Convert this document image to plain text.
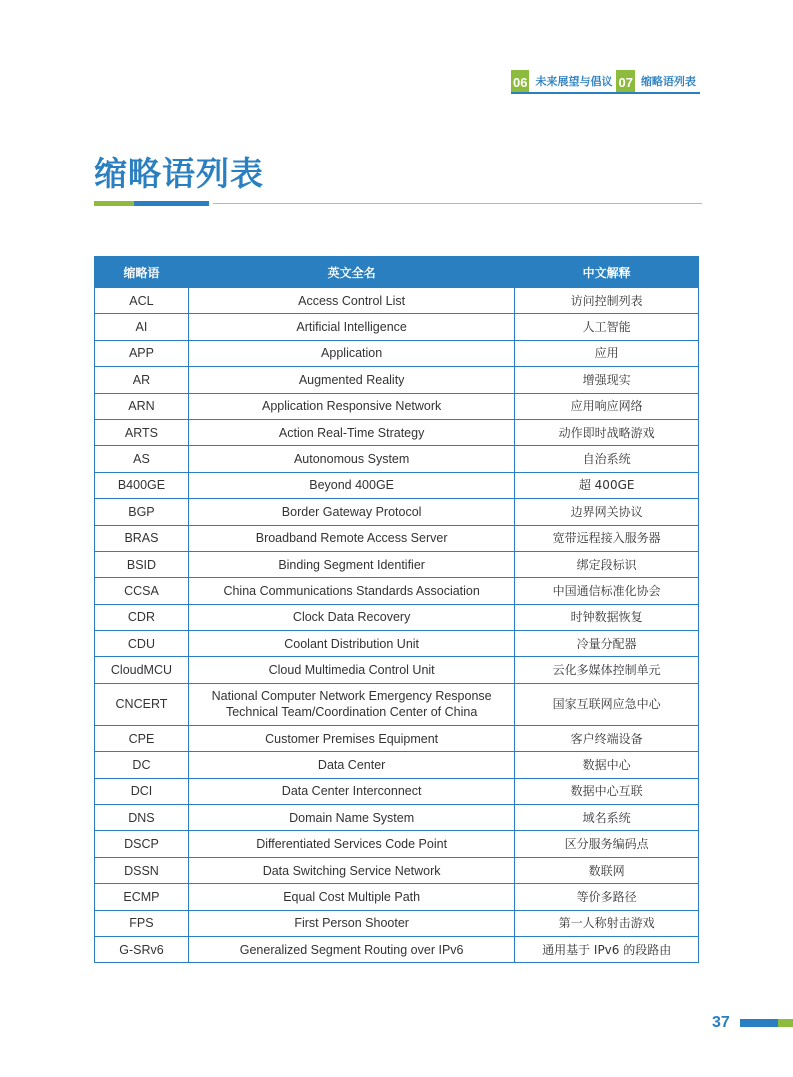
06 未来展望与倡议 07 缩略语列表
缩略语列表
缩略语	英文全名	中文解释
ACL	Access Control List	访问控制列表
AI	Artificial Intelligence	人工智能
APP	Application	应用
AR	Augmented Reality	增强现实
ARN	Application Responsive Network	应用响应网络
ARTS	Action Real-Time Strategy	动作即时战略游戏
AS	Autonomous System	自治系统
B400GE	Beyond 400GE	超 400GE
BGP	Border Gateway Protocol	边界网关协议
BRAS	Broadband Remote Access Server	宽带远程接入服务器
BSID	Binding Segment Identifier	绑定段标识
CCSA	China Communications Standards Association	中国通信标准化协会
CDR	Clock Data Recovery	时钟数据恢复
CDU	Coolant Distribution Unit	冷量分配器
CloudMCU	Cloud Multimedia Control Unit	云化多媒体控制单元
CNCERT	National Computer Network Emergency Response
Technical Team/Coordination Center of China	国家互联网应急中心
CPE	Customer Premises Equipment	客户终端设备
DC	Data Center	数据中心
DCI	Data Center Interconnect	数据中心互联
DNS	Domain Name System	域名系统
DSCP	Differentiated Services Code Point	区分服务编码点
DSSN	Data Switching Service Network	数联网
ECMP	Equal Cost Multiple Path	等价多路径
FPS	First Person Shooter	第一人称射击游戏
G-SRv6	Generalized Segment Routing over IPv6	通用基于 IPv6 的段路由
37
